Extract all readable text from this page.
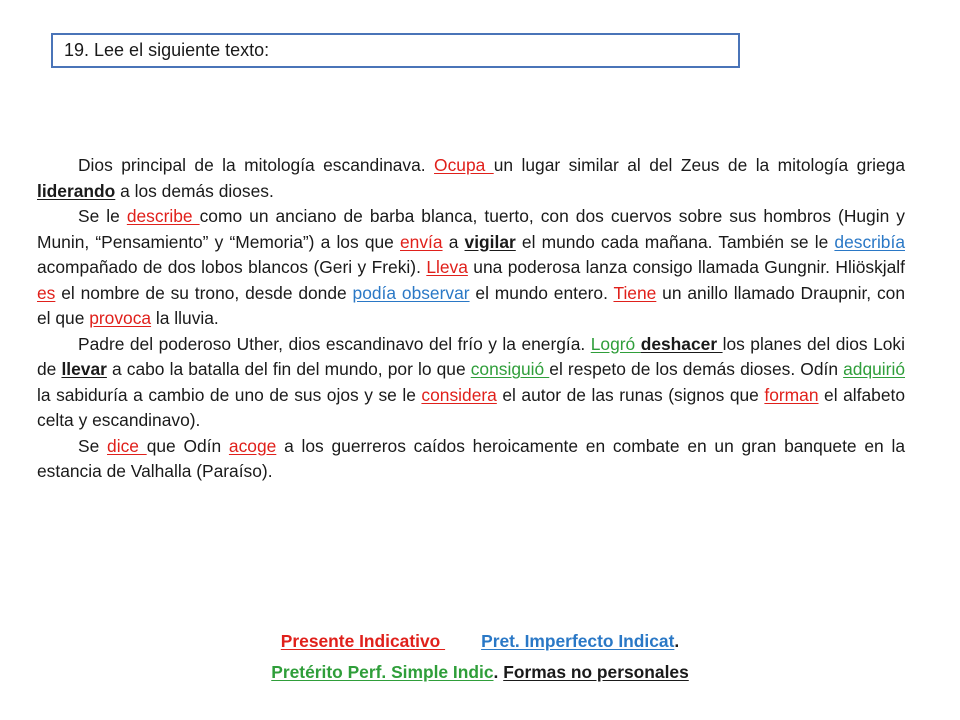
19. Lee el siguiente texto:

Dios principal de la mitología escandinava. Ocupa un lugar similar al del Zeus de la mitología griega liderando a los demás dioses.

Se le describe como un anciano de barba blanca, tuerto, con dos cuervos sobre sus hombros (Hugin y Munin, “Pensamiento” y “Memoria”) a los que envía a vigilar el mundo cada mañana. También se le describía acompañado de dos lobos blancos (Geri y Freki). Lleva una poderosa lanza consigo llamada Gungnir. Hliöskjalf es el nombre de su trono, desde donde podía observar el mundo entero. Tiene un anillo llamado Draupnir, con el que provoca la lluvia.

Padre del poderoso Uther, dios escandinavo del frío y la energía. Logró deshacer los planes del dios Loki de llevar a cabo la batalla del fin del mundo, por lo que consiguió el respeto de los demás dioses. Odín adquirió la sabiduría a cambio de uno de sus ojos y se le considera el autor de las runas (signos que forman el alfabeto celta y escandinavo).

Se dice que Odín acoge a los guerreros caídos heroicamente en combate en un gran banquete en la estancia de Valhalla (Paraíso).

Presente Indicativo Pret. Imperfecto Indicat.
Pretérito Perf. Simple Indic. Formas no personales
